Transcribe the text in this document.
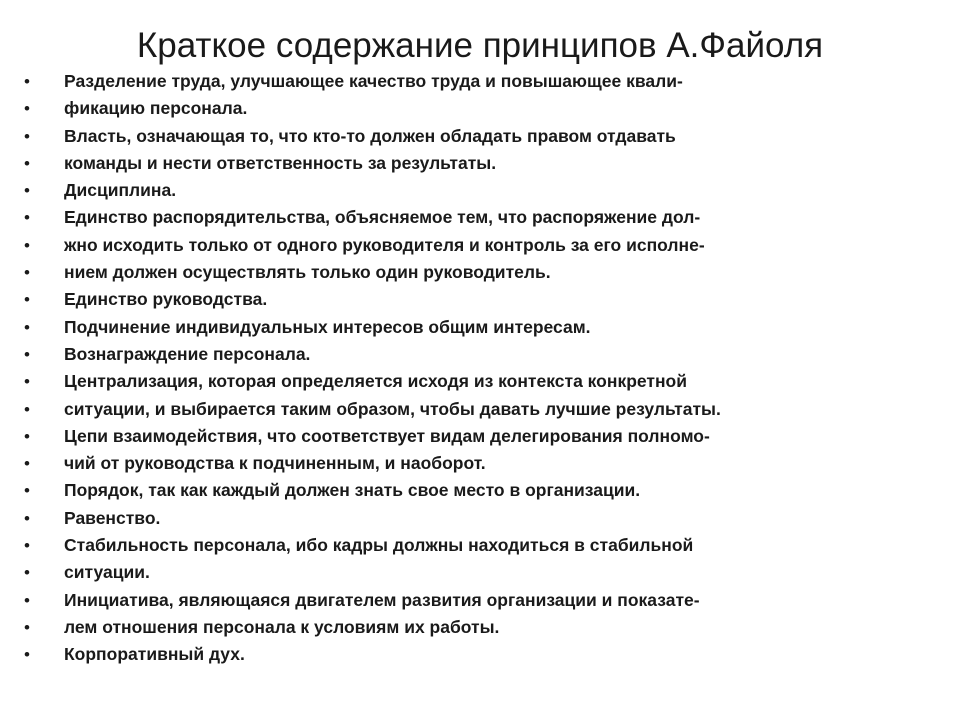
Краткое содержание принципов А.Файоля
•	Разделение труда, улучшающее качество труда и повышающее квали-
•	фикацию персонала.
•	Власть, означающая то, что кто-то должен обладать правом отдавать
•	команды и нести ответственность за результаты.
•	Дисциплина.
•	Единство распорядительства, объясняемое тем, что распоряжение дол-
•	жно исходить только от одного руководителя и контроль за его исполне-
•	нием должен осуществлять только один руководитель.
•	Единство руководства.
•	Подчинение индивидуальных интересов общим интересам.
•	Вознаграждение персонала.
•	Централизация, которая определяется исходя из контекста конкретной
•	ситуации, и выбирается таким образом, чтобы давать лучшие результаты.
•	Цепи взаимодействия, что соответствует видам делегирования полномо-
•	чий от руководства к подчиненным, и наоборот.
•	Порядок, так как каждый должен знать свое место в организации.
•	Равенство.
•	Стабильность персонала, ибо кадры должны находиться в стабильной
•	ситуации.
•	Инициатива, являющаяся двигателем развития организации и показате-
•	лем отношения персонала к условиям их работы.
•	Корпоративный дух.
